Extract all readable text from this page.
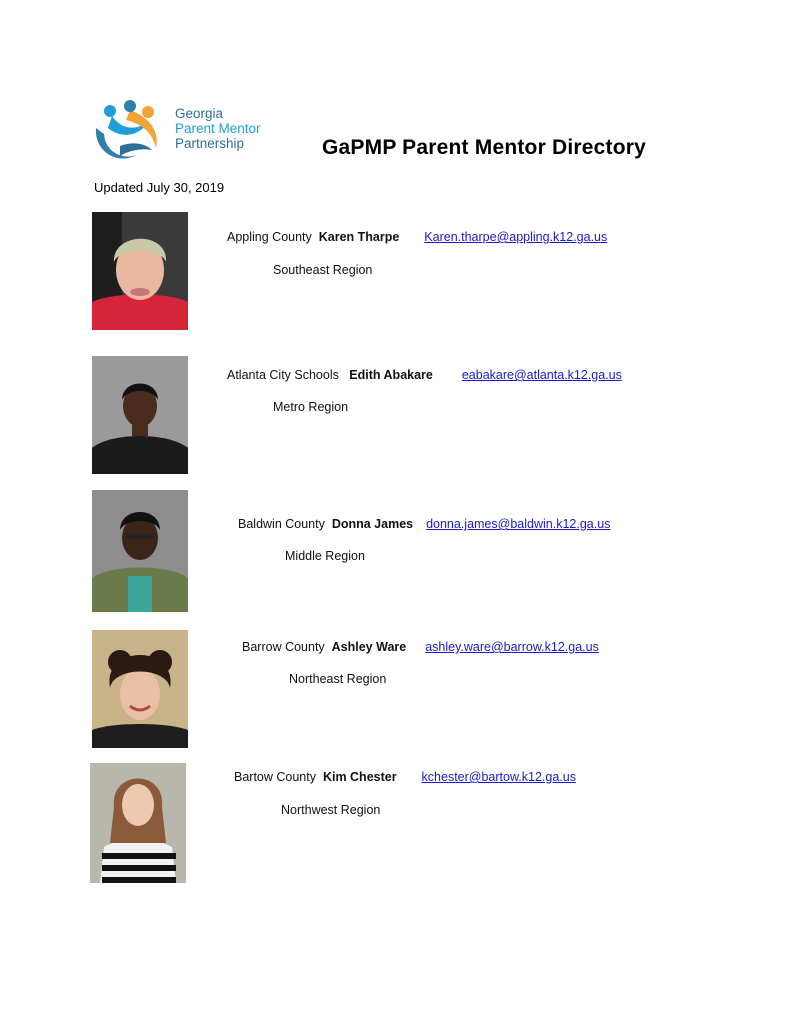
Georgia
Parent Mentor
Partnership	GaPMP Parent Mentor Directory
Updated July 30, 2019
Appling County Karen Tharpe Karen.tharpe@appling.k12.ga.us
Southeast Region
Atlanta City Schools Edith Abakare eabakare@atlanta.k12.ga.us
Metro Region
Baldwin County Donna James donna.james@baldwin.k12.ga.us
Middle Region
Barrow County Ashley Ware ashley.ware@barrow.k12.ga.us
Northeast Region
Bartow County Kim Chester kchester@bartow.k12.ga.us
Northwest Region
